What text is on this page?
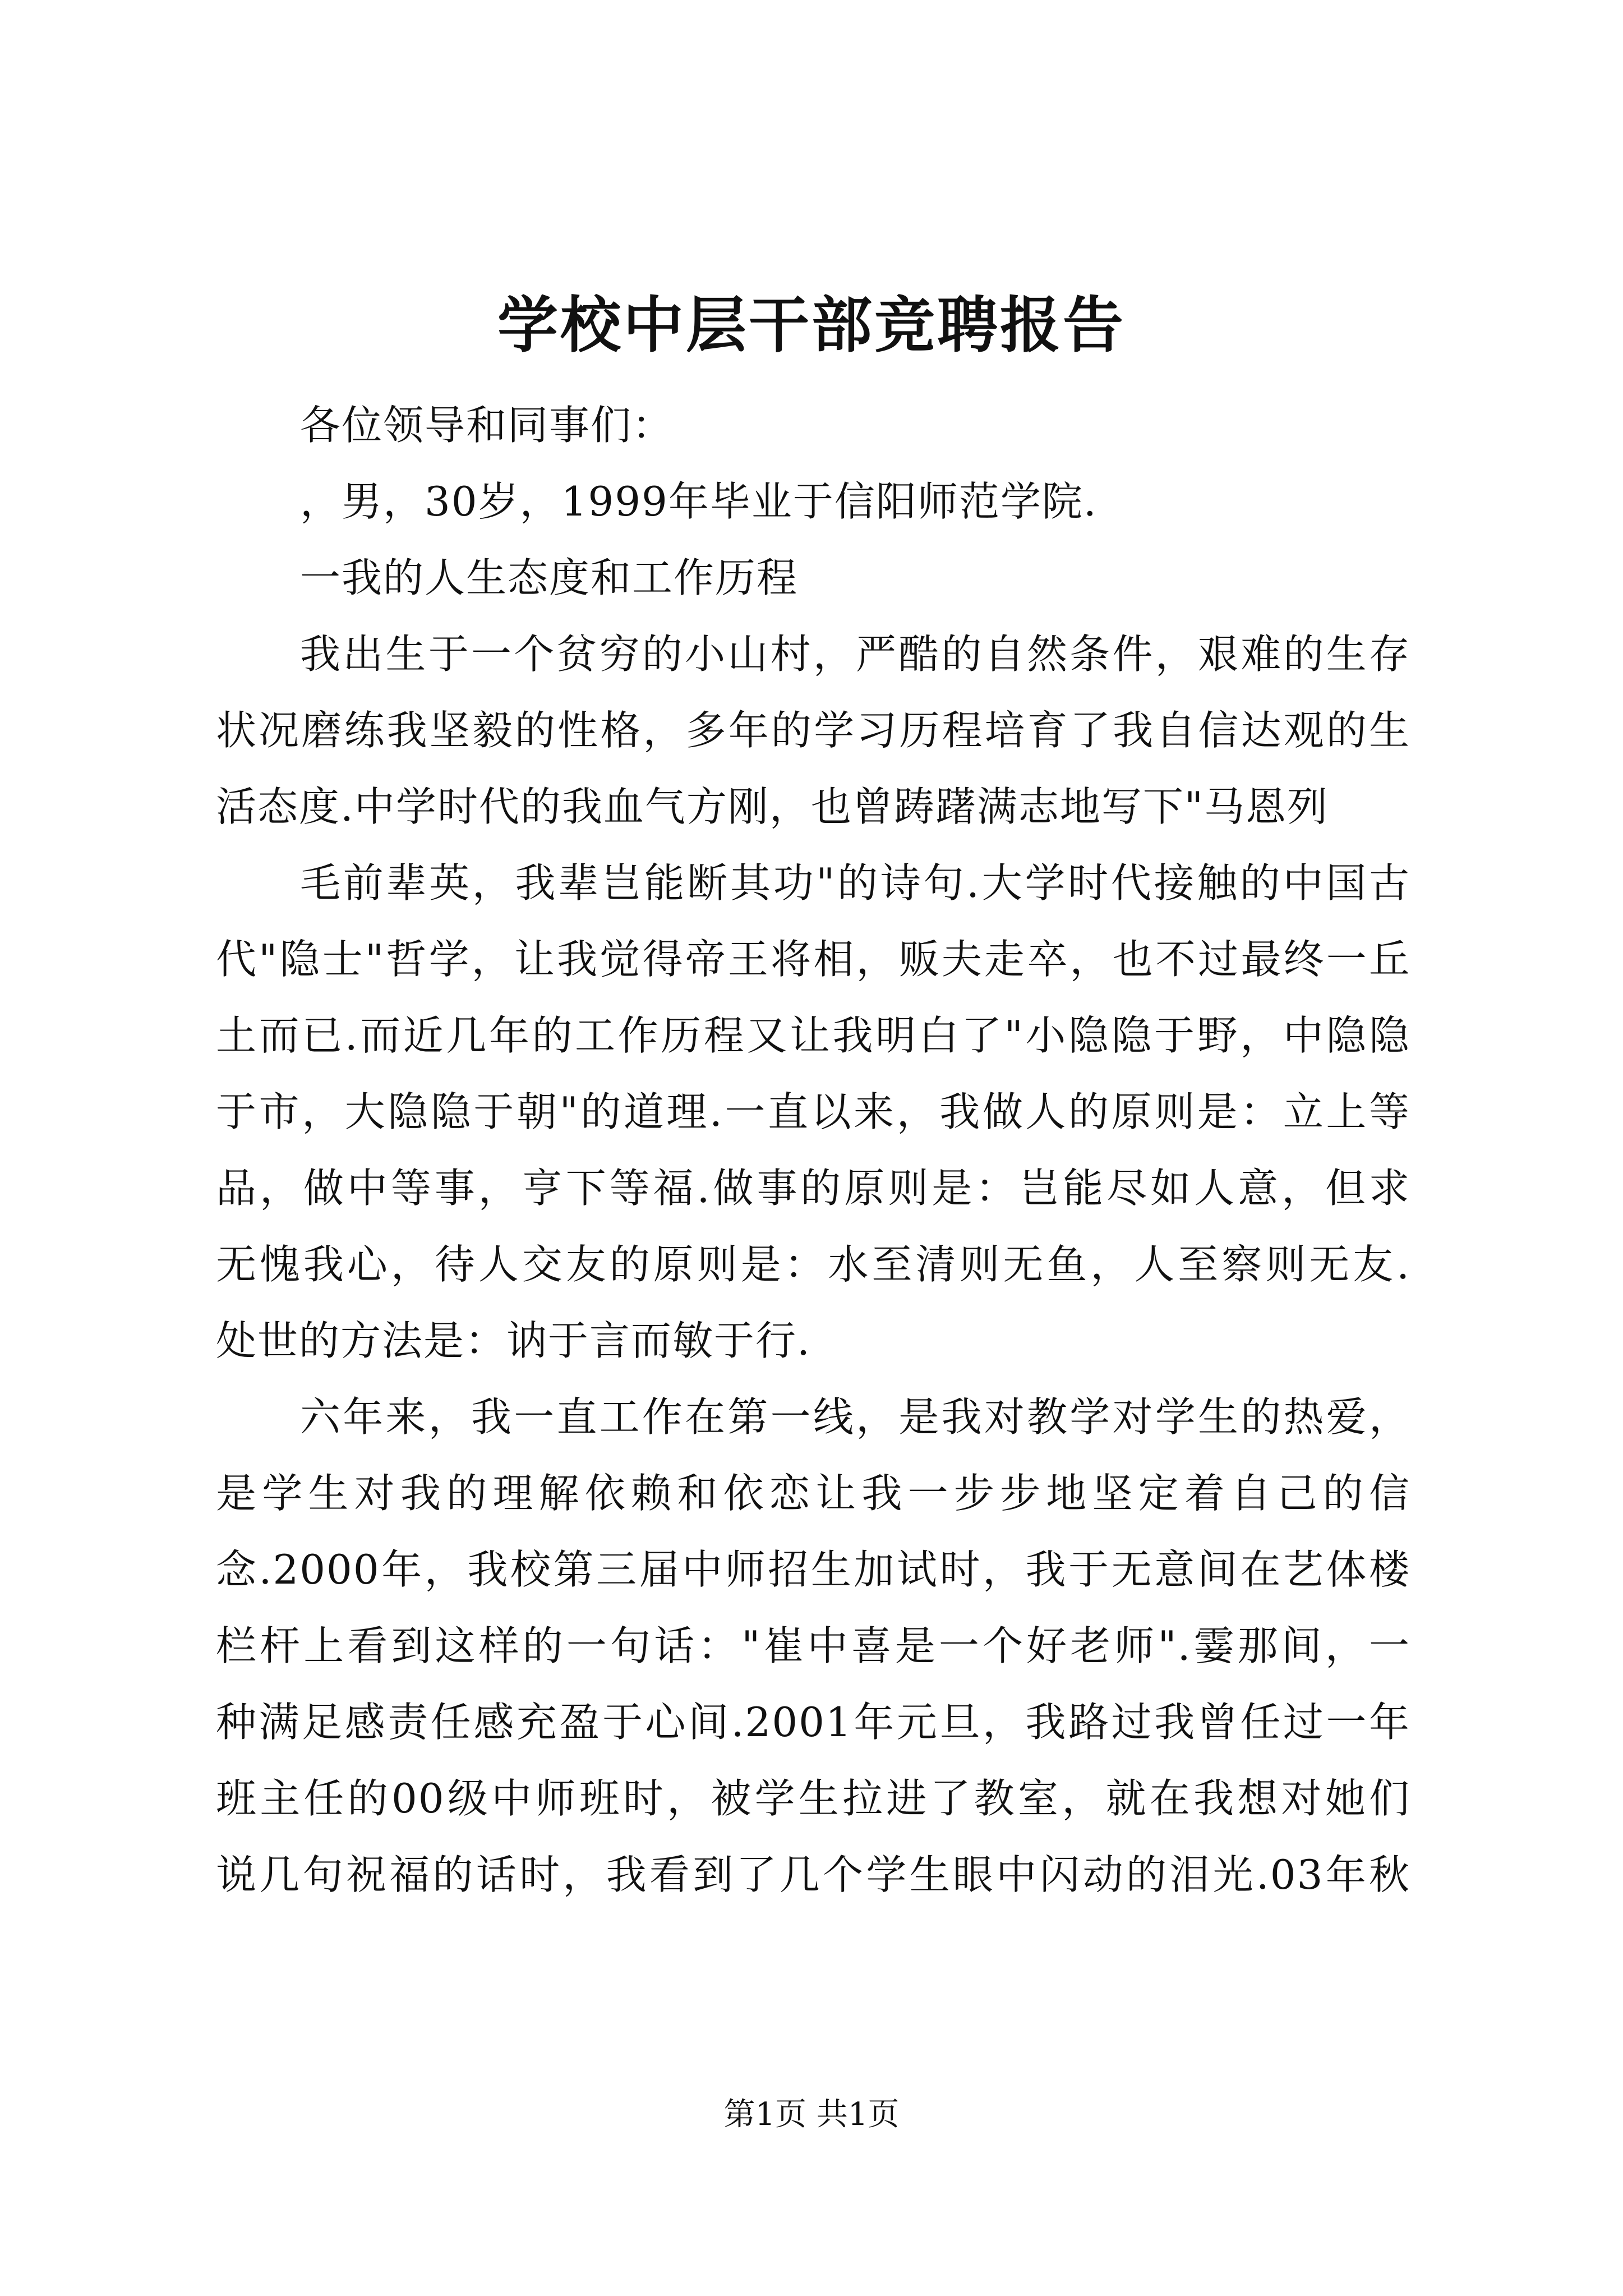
学校中层干部竞聘报告
各位领导和同事们：
，男，30岁，1999年毕业于信阳师范学院.
一我的人生态度和工作历程
我出生于一个贫穷的小山村，严酷的自然条件，艰难的生存
状况磨练我坚毅的性格，多年的学习历程培育了我自信达观的生
活态度.中学时代的我血气方刚，也曾踌躇满志地写下"马恩列
毛前辈英，我辈岂能断其功"的诗句.大学时代接触的中国古
代"隐士"哲学，让我觉得帝王将相，贩夫走卒，也不过最终一丘
土而已.而近几年的工作历程又让我明白了"小隐隐于野，中隐隐
于市，大隐隐于朝"的道理.一直以来，我做人的原则是：立上等
品，做中等事，亨下等福.做事的原则是：岂能尽如人意，但求
无愧我心，待人交友的原则是：水至清则无鱼，人至察则无友.
处世的方法是：讷于言而敏于行.
六年来，我一直工作在第一线，是我对教学对学生的热爱，
是学生对我的理解依赖和依恋让我一步步地坚定着自己的信
念.2000年，我校第三届中师招生加试时，我于无意间在艺体楼
栏杆上看到这样的一句话："崔中喜是一个好老师".霎那间，一
种满足感责任感充盈于心间.2001年元旦，我路过我曾任过一年
班主任的00级中师班时，被学生拉进了教室，就在我想对她们
说几句祝福的话时，我看到了几个学生眼中闪动的泪光.03年秋
第1页 共1页
